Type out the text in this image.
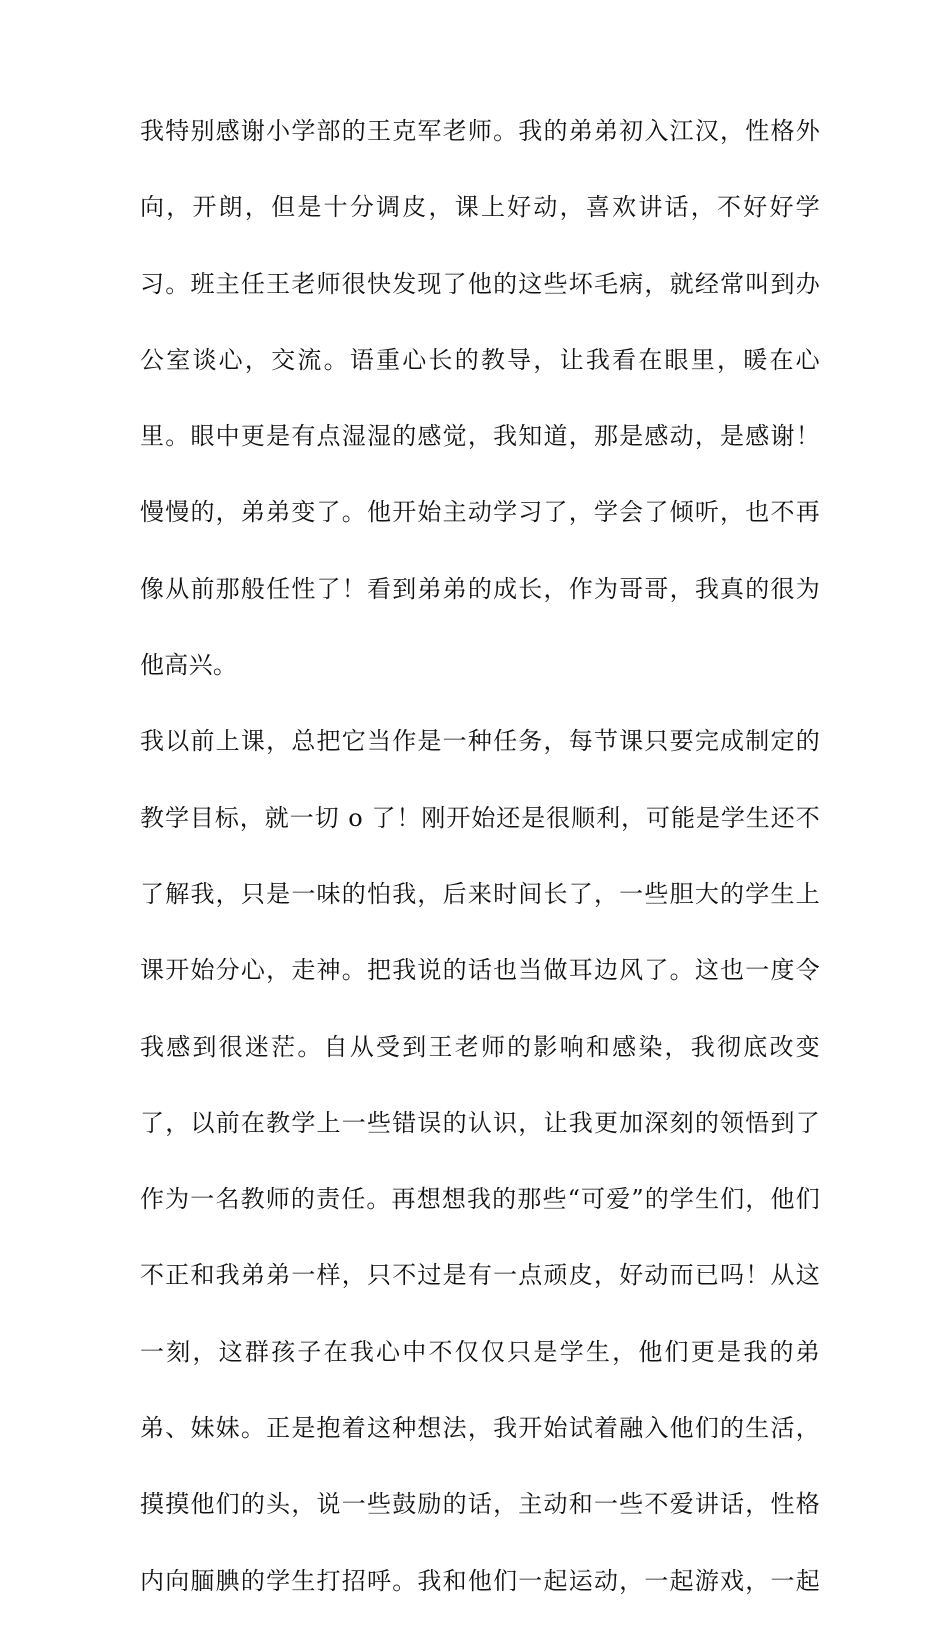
我特别感谢小学部的王克军老师。我的弟弟初入江汉，性格外
向，开朗，但是十分调皮，课上好动，喜欢讲话，不好好学
习。班主任王老师很快发现了他的这些坏毛病，就经常叫到办
公室谈心，交流。语重心长的教导，让我看在眼里，暖在心
里。眼中更是有点湿湿的感觉，我知道，那是感动，是感谢！
慢慢的，弟弟变了。他开始主动学习了，学会了倾听，也不再
像从前那般任性了！看到弟弟的成长，作为哥哥，我真的很为
他高兴。
我以前上课，总把它当作是一种任务，每节课只要完成制定的
教学目标，就一切 o 了！刚开始还是很顺利，可能是学生还不
了解我，只是一味的怕我，后来时间长了，一些胆大的学生上
课开始分心，走神。把我说的话也当做耳边风了。这也一度令
我感到很迷茫。自从受到王老师的影响和感染，我彻底改变
了，以前在教学上一些错误的认识，让我更加深刻的领悟到了
作为一名教师的责任。再想想我的那些“可爱”的学生们，他们
不正和我弟弟一样，只不过是有一点顽皮，好动而已吗！从这
一刻，这群孩子在我心中不仅仅只是学生，他们更是我的弟
弟、妹妹。正是抱着这种想法，我开始试着融入他们的生活，
摸摸他们的头，说一些鼓励的话，主动和一些不爱讲话，性格
内向腼腆的学生打招呼。我和他们一起运动，一起游戏，一起
